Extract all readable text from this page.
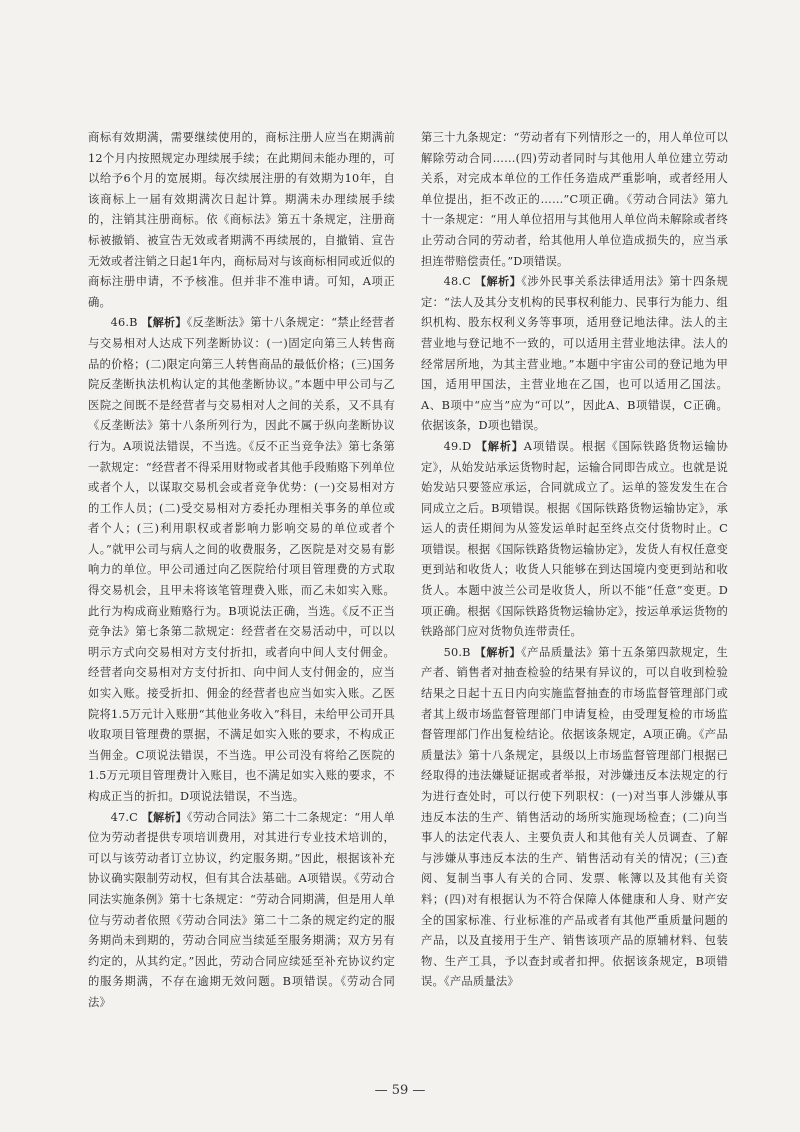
商标有效期满，需要继续使用的，商标注册人应当在期满前12个月内按照规定办理续展手续；在此期间未能办理的，可以给予6个月的宽展期。每次续展注册的有效期为10年，自该商标上一届有效期满次日起计算。期满未办理续展手续的，注销其注册商标。依《商标法》第五十条规定，注册商标被撤销、被宣告无效或者期满不再续展的，自撤销、宣告无效或者注销之日起1年内，商标局对与该商标相同或近似的商标注册申请，不予核准。但并非不准申请。可知，A项正确。

46.B 【解析】《反垄断法》第十八条规定：“禁止经营者与交易相对人达成下列垄断协议：(一)固定向第三人转售商品的价格；(二)限定向第三人转售商品的最低价格；(三)国务院反垄断执法机构认定的其他垄断协议。”本题中甲公司与乙医院之间既不是经营者与交易相对人之间的关系，又不具有《反垄断法》第十八条所列行为，因此不属于纵向垄断协议行为。A项说法错误，不当选。《反不正当竞争法》第七条第一款规定：“经营者不得采用财物或者其他手段贿赂下列单位或者个人，以谋取交易机会或者竞争优势：(一)交易相对方的工作人员；(二)受交易相对方委托办理相关事务的单位或者个人；(三)利用职权或者影响力影响交易的单位或者个人。”就甲公司与病人之间的收费服务，乙医院是对交易有影响力的单位。甲公司通过向乙医院给付项目管理费的方式取得交易机会，且甲未将该笔管理费入账，而乙未如实入账。此行为构成商业贿赂行为。B项说法正确，当选。《反不正当竞争法》第七条第二款规定：经营者在交易活动中，可以以明示方式向交易相对方支付折扣，或者向中间人支付佣金。经营者向交易相对方支付折扣、向中间人支付佣金的，应当如实入账。接受折扣、佣金的经营者也应当如实入账。乙医院将1.5万元计入账册“其他业务收入”科目，未给甲公司开具收取项目管理费的票据，不满足如实入账的要求，不构成正当佣金。C项说法错误，不当选。甲公司没有将给乙医院的1.5万元项目管理费计入账目，也不满足如实入账的要求，不构成正当的折扣。D项说法错误，不当选。

47.C 【解析】《劳动合同法》第二十二条规定：“用人单位为劳动者提供专项培训费用，对其进行专业技术培训的，可以与该劳动者订立协议，约定服务期。”因此，根据该补充协议确实限制劳动权，但有其合法基础。A项错误。《劳动合同法实施条例》第十七条规定：“劳动合同期满，但是用人单位与劳动者依照《劳动合同法》第二十二条的规定约定的服务期尚未到期的，劳动合同应当续延至服务期满；双方另有约定的，从其约定。”因此，劳动合同应续延至补充协议约定的服务期满，不存在逾期无效问题。B项错误。《劳动合同法》

第三十九条规定：“劳动者有下列情形之一的，用人单位可以解除劳动合同……(四)劳动者同时与其他用人单位建立劳动关系，对完成本单位的工作任务造成严重影响，或者经用人单位提出，拒不改正的……”C项正确。《劳动合同法》第九十一条规定：“用人单位招用与其他用人单位尚未解除或者终止劳动合同的劳动者，给其他用人单位造成损失的，应当承担连带赔偿责任。”D项错误。

48.C 【解析】《涉外民事关系法律适用法》第十四条规定：“法人及其分支机构的民事权利能力、民事行为能力、组织机构、股东权利义务等事项，适用登记地法律。法人的主营业地与登记地不一致的，可以适用主营业地法律。法人的经常居所地，为其主营业地。”本题中宇宙公司的登记地为甲国，适用甲国法，主营业地在乙国，也可以适用乙国法。A、B项中“应当”应为“可以”，因此A、B项错误，C正确。依据该条，D项也错误。

49.D 【解析】A项错误。根据《国际铁路货物运输协定》，从始发站承运货物时起，运输合同即告成立。也就是说始发站只要签应承运，合同就成立了。运单的签发发生在合同成立之后。B项错误。根据《国际铁路货物运输协定》，承运人的责任期间为从签发运单时起至终点交付货物时止。C项错误。根据《国际铁路货物运输协定》，发货人有权任意变更到站和收货人；收货人只能够在到达国境内变更到站和收货人。本题中波兰公司是收货人，所以不能“任意”变更。D项正确。根据《国际铁路货物运输协定》，按运单承运货物的铁路部门应对货物负连带责任。

50.B 【解析】《产品质量法》第十五条第四款规定，生产者、销售者对抽查检验的结果有异议的，可以自收到检验结果之日起十五日内向实施监督抽查的市场监督管理部门或者其上级市场监督管理部门申请复检，由受理复检的市场监督管理部门作出复检结论。依据该条规定，A项正确。《产品质量法》第十八条规定，县级以上市场监督管理部门根据已经取得的违法嫌疑证据或者举报，对涉嫌违反本法规定的行为进行查处时，可以行使下列职权：(一)对当事人涉嫌从事违反本法的生产、销售活动的场所实施现场检查；(二)向当事人的法定代表人、主要负责人和其他有关人员调查、了解与涉嫌从事违反本法的生产、销售活动有关的情况；(三)查阅、复制当事人有关的合同、发票、帐簿以及其他有关资料；(四)对有根据认为不符合保障人体健康和人身、财产安全的国家标准、行业标准的产品或者有其他严重质量问题的产品，以及直接用于生产、销售该项产品的原辅材料、包装物、生产工具，予以查封或者扣押。依据该条规定，B项错误。《产品质量法》

— 59 —
